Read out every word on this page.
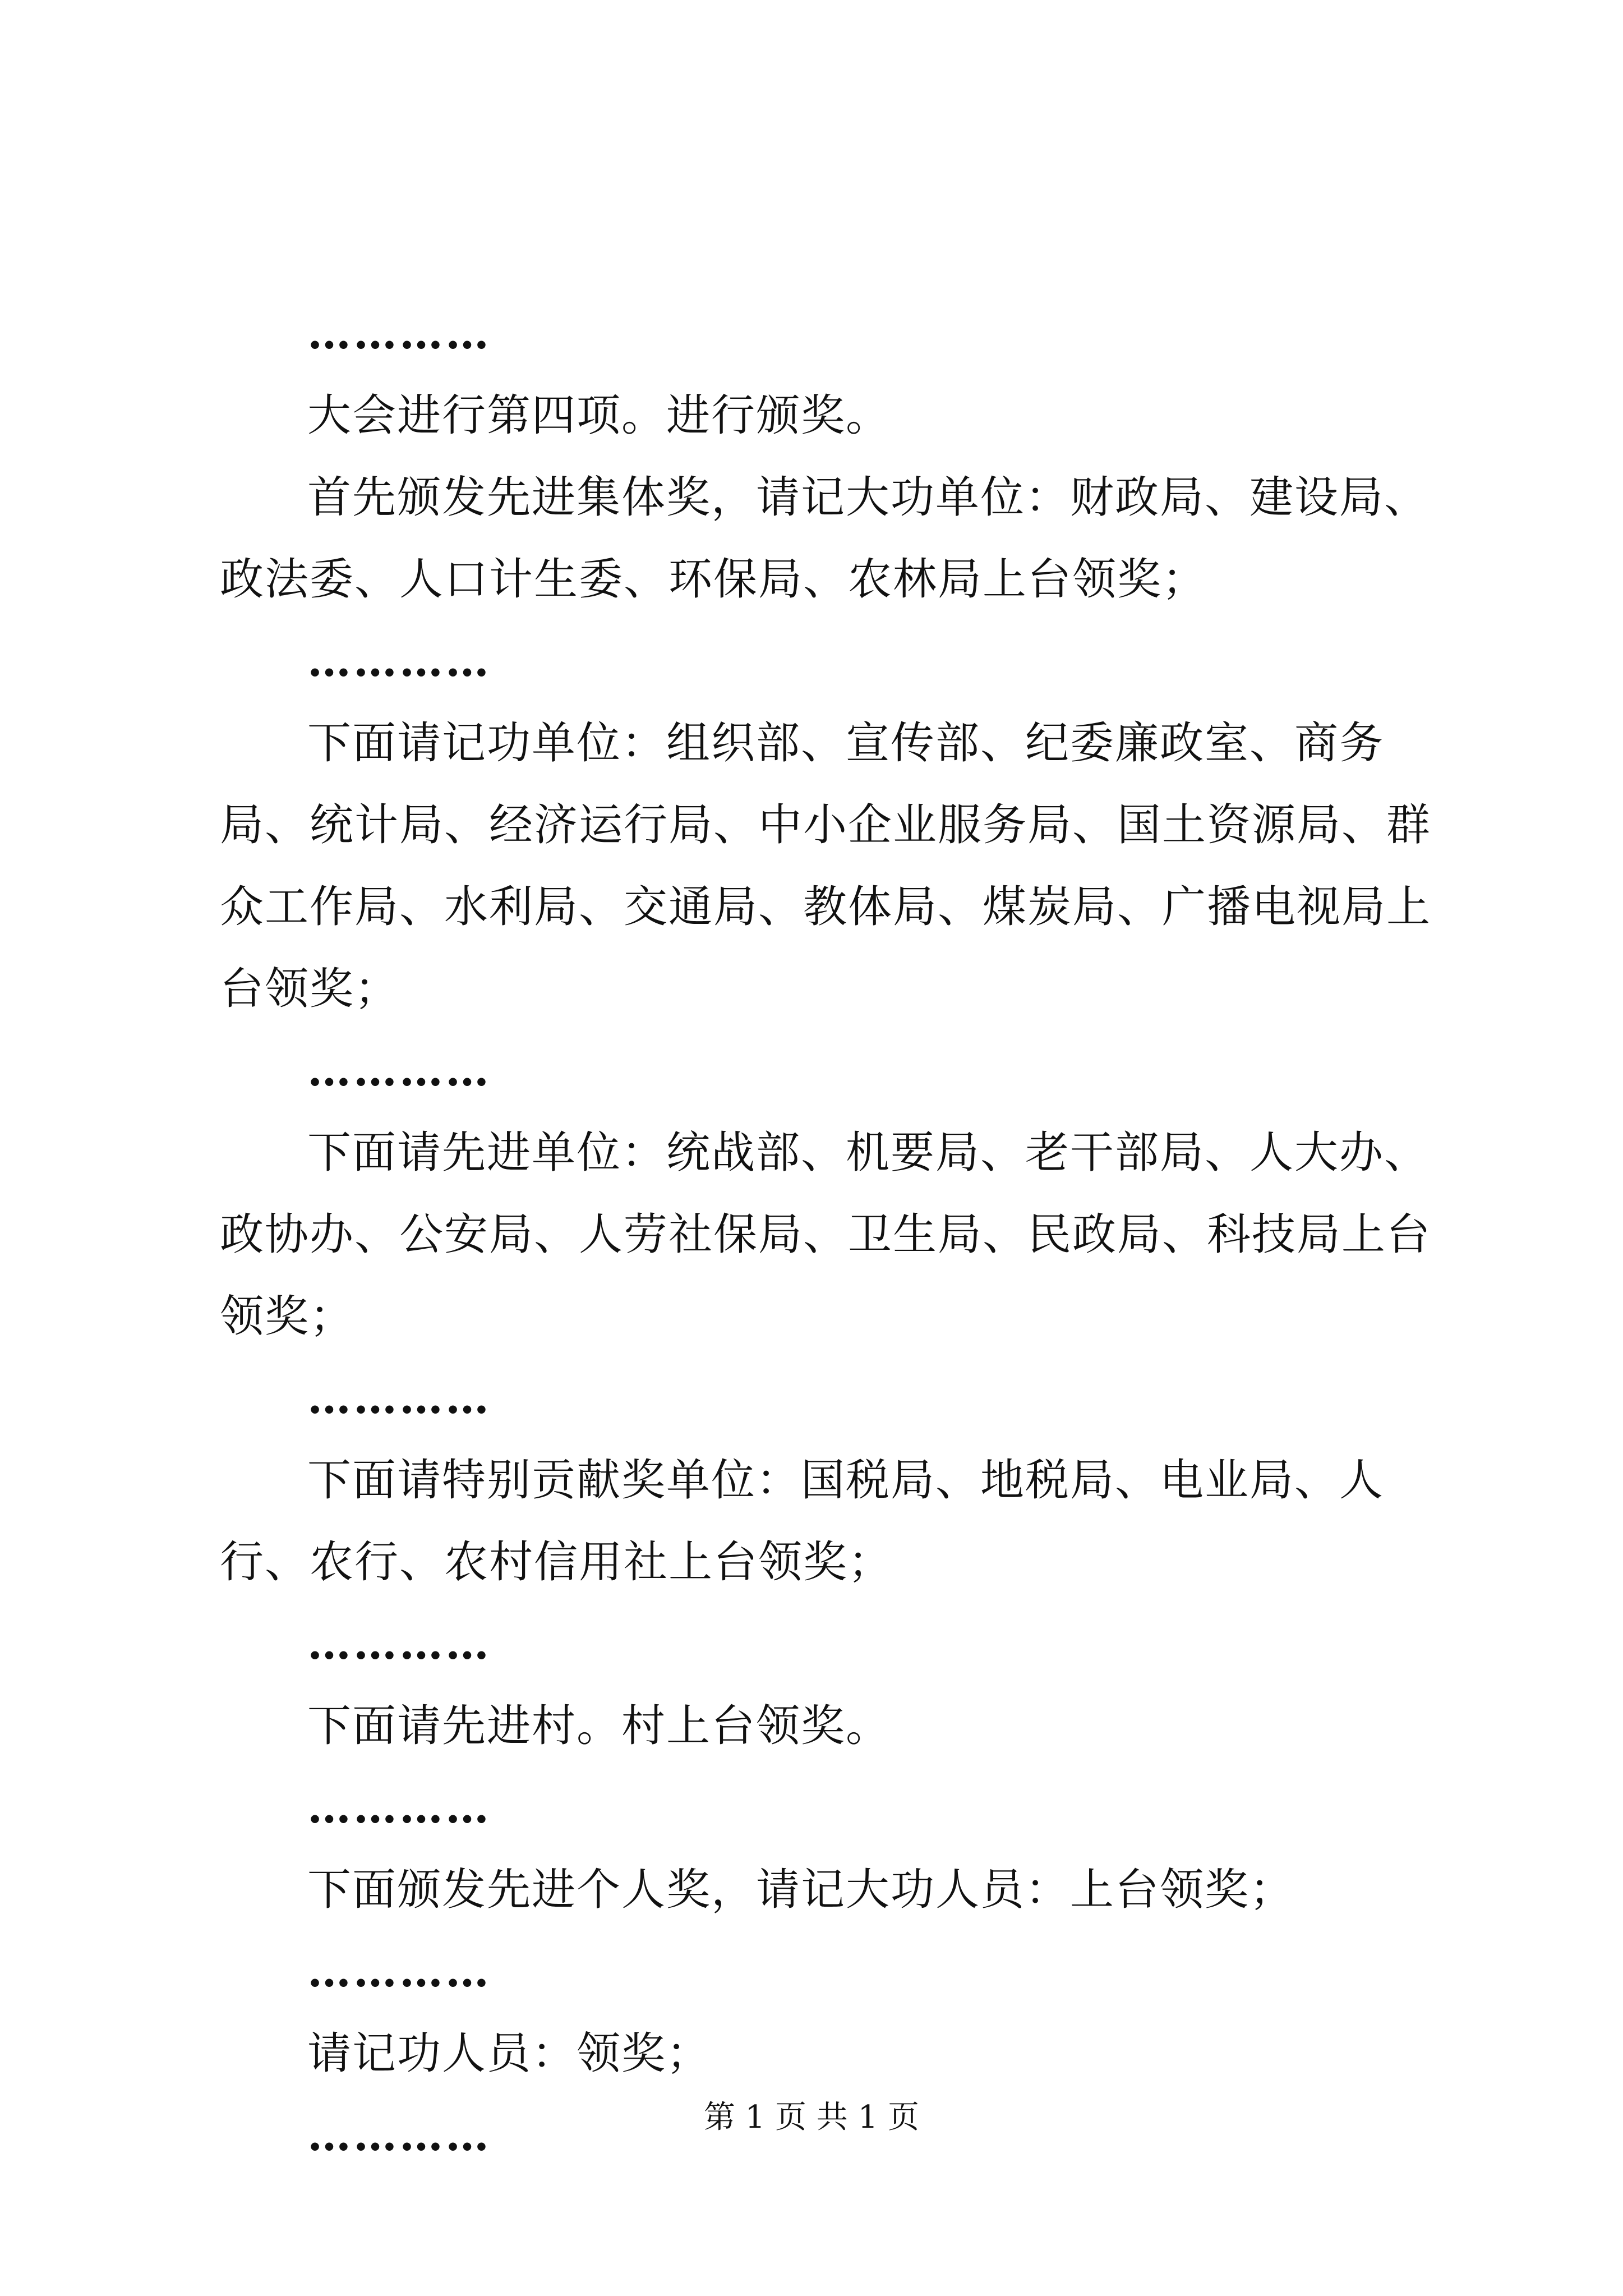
…………

大会进行第四项。进行颁奖。

首先颁发先进集体奖，请记大功单位：财政局、建设局、政法委、人口计生委、环保局、农林局上台领奖；

…………

下面请记功单位：组织部、宣传部、纪委廉政室、商务局、统计局、经济运行局、中小企业服务局、国土资源局、群众工作局、水利局、交通局、教体局、煤炭局、广播电视局上台领奖；

…………

下面请先进单位：统战部、机要局、老干部局、人大办、政协办、公安局、人劳社保局、卫生局、民政局、科技局上台领奖；

…………

下面请特别贡献奖单位：国税局、地税局、电业局、人行、农行、农村信用社上台领奖；

…………

下面请先进村。村上台领奖。

…………

下面颁发先进个人奖，请记大功人员：上台领奖；

…………

请记功人员：领奖；

…………	第 1 页 共 1 页
